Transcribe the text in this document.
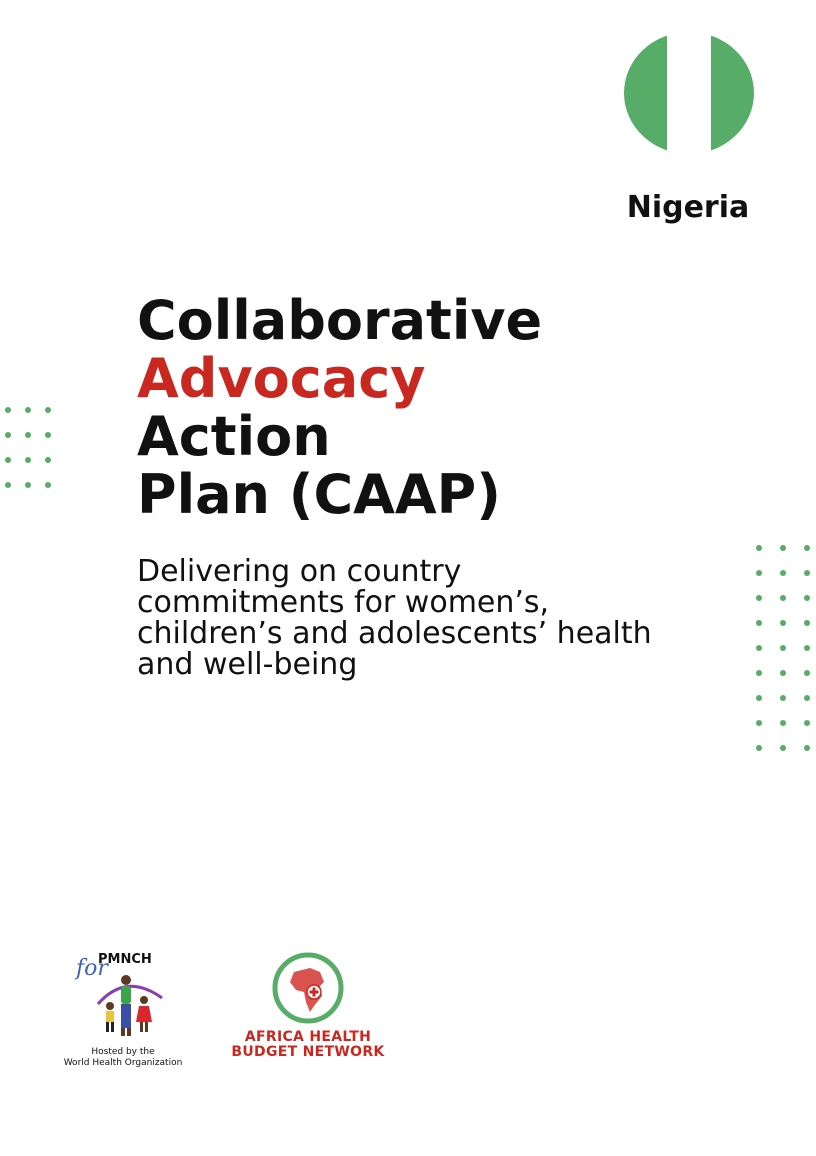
Nigeria
Collaborative
Advocacy
Action
Plan (CAAP)
Delivering on country
commitments for women’s,
children’s and adolescents’ health
and well-being
for
PMNCH
Hosted by the
World Health Organization
AFRICA HEALTH
BUDGET NETWORK
